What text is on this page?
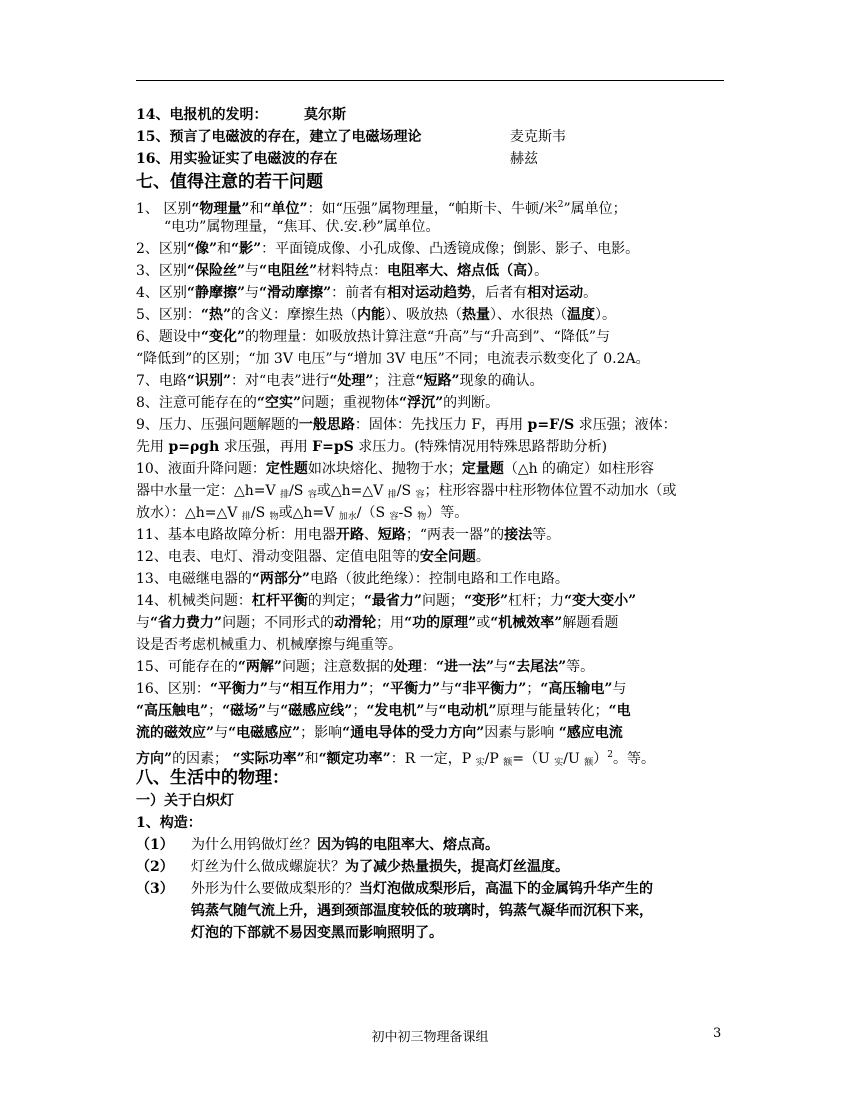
14、电报机的发明：	莫尔斯
15、预言了电磁波的存在，建立了电磁场理论	麦克斯韦
16、用实验证实了电磁波的存在	赫兹
七、值得注意的若干问题
1、 区别“物理量”和“单位”：如“压强”属物理量，“帕斯卡、牛顿/米$^2$”属单位；
“电功”属物理量，“焦耳、伏.安.秒”属单位。
2、区别“像”和“影”：平面镜成像、小孔成像、凸透镜成像；倒影、影子、电影。
3、区别“保险丝”与“电阻丝”材料特点：电阻率大、熔点低（高）。
4、区别“静摩擦”与“滑动摩擦”：前者有相对运动趋势，后者有相对运动。
5、区别：“热”的含义：摩擦生热（内能）、吸放热（热量）、水很热（温度）。
6、题设中“变化”的物理量：如吸放热计算注意“升高”与“升高到”、“降低”与
“降低到”的区别；“加 3V 电压”与“增加 3V 电压”不同；电流表示数变化了 0.2A。
7、电路“识别”：对“电表”进行“处理”；注意“短路”现象的确认。
8、注意可能存在的“空实”问题；重视物体“浮沉”的判断。
9、压力、压强问题解题的一般思路：固体：先找压力 F，再用 p=F/S 求压强；液体：
先用 p=ρgh 求压强，再用 F=pS 求压力。(特殊情况用特殊思路帮助分析)
10、液面升降问题：定性题如冰块熔化、抛物于水；定量题（△h 的确定）如柱形容
器中水量一定：△h=V $_排$/S $_容$或△h=△V $_排$/S $_容$；柱形容器中柱形物体位置不动加水（或
放水）：△h=△V $_排$/S $_物$或△h=V $_{加水}$/（S $_容$-S $_物$）等。
11、基本电路故障分析：用电器开路、短路；“两表一器”的接法等。
12、电表、电灯、滑动变阻器、定值电阻等的安全问题。
13、电磁继电器的“两部分”电路（彼此绝缘）：控制电路和工作电路。
14、机械类问题：杠杆平衡的判定；“最省力”问题；“变形”杠杆；力“变大变小”
与“省力费力”问题；不同形式的动滑轮；用“功的原理”或“机械效率”解题看题
设是否考虑机械重力、机械摩擦与绳重等。
15、可能存在的“两解”问题；注意数据的处理：“进一法”与“去尾法”等。
16、区别：“平衡力”与“相互作用力”；“平衡力”与“非平衡力”；“高压输电”与
“高压触电”；“磁场”与“磁感应线”；“发电机”与“电动机”原理与能量转化；“电
流的磁效应”与“电磁感应”；影响“通电导体的受力方向”因素与影响 “感应电流
方向”的因素； “实际功率”和“额定功率”：R 一定，P $_实$/P $_额$=（U $_实$/U $_额$）$^2$。等。
八、生活中的物理：
一）关于白炽灯
1、构造：
（1）	为什么用钨做灯丝？因为钨的电阻率大、熔点高。
（2）	灯丝为什么做成螺旋状？为了减少热量损失，提高灯丝温度。
（3）	外形为什么要做成梨形的？当灯泡做成梨形后，高温下的金属钨升华产生的
钨蒸气随气流上升，遇到颈部温度较低的玻璃时，钨蒸气凝华而沉积下来，
灯泡的下部就不易因变黑而影响照明了。
初中初三物理备课组	3
